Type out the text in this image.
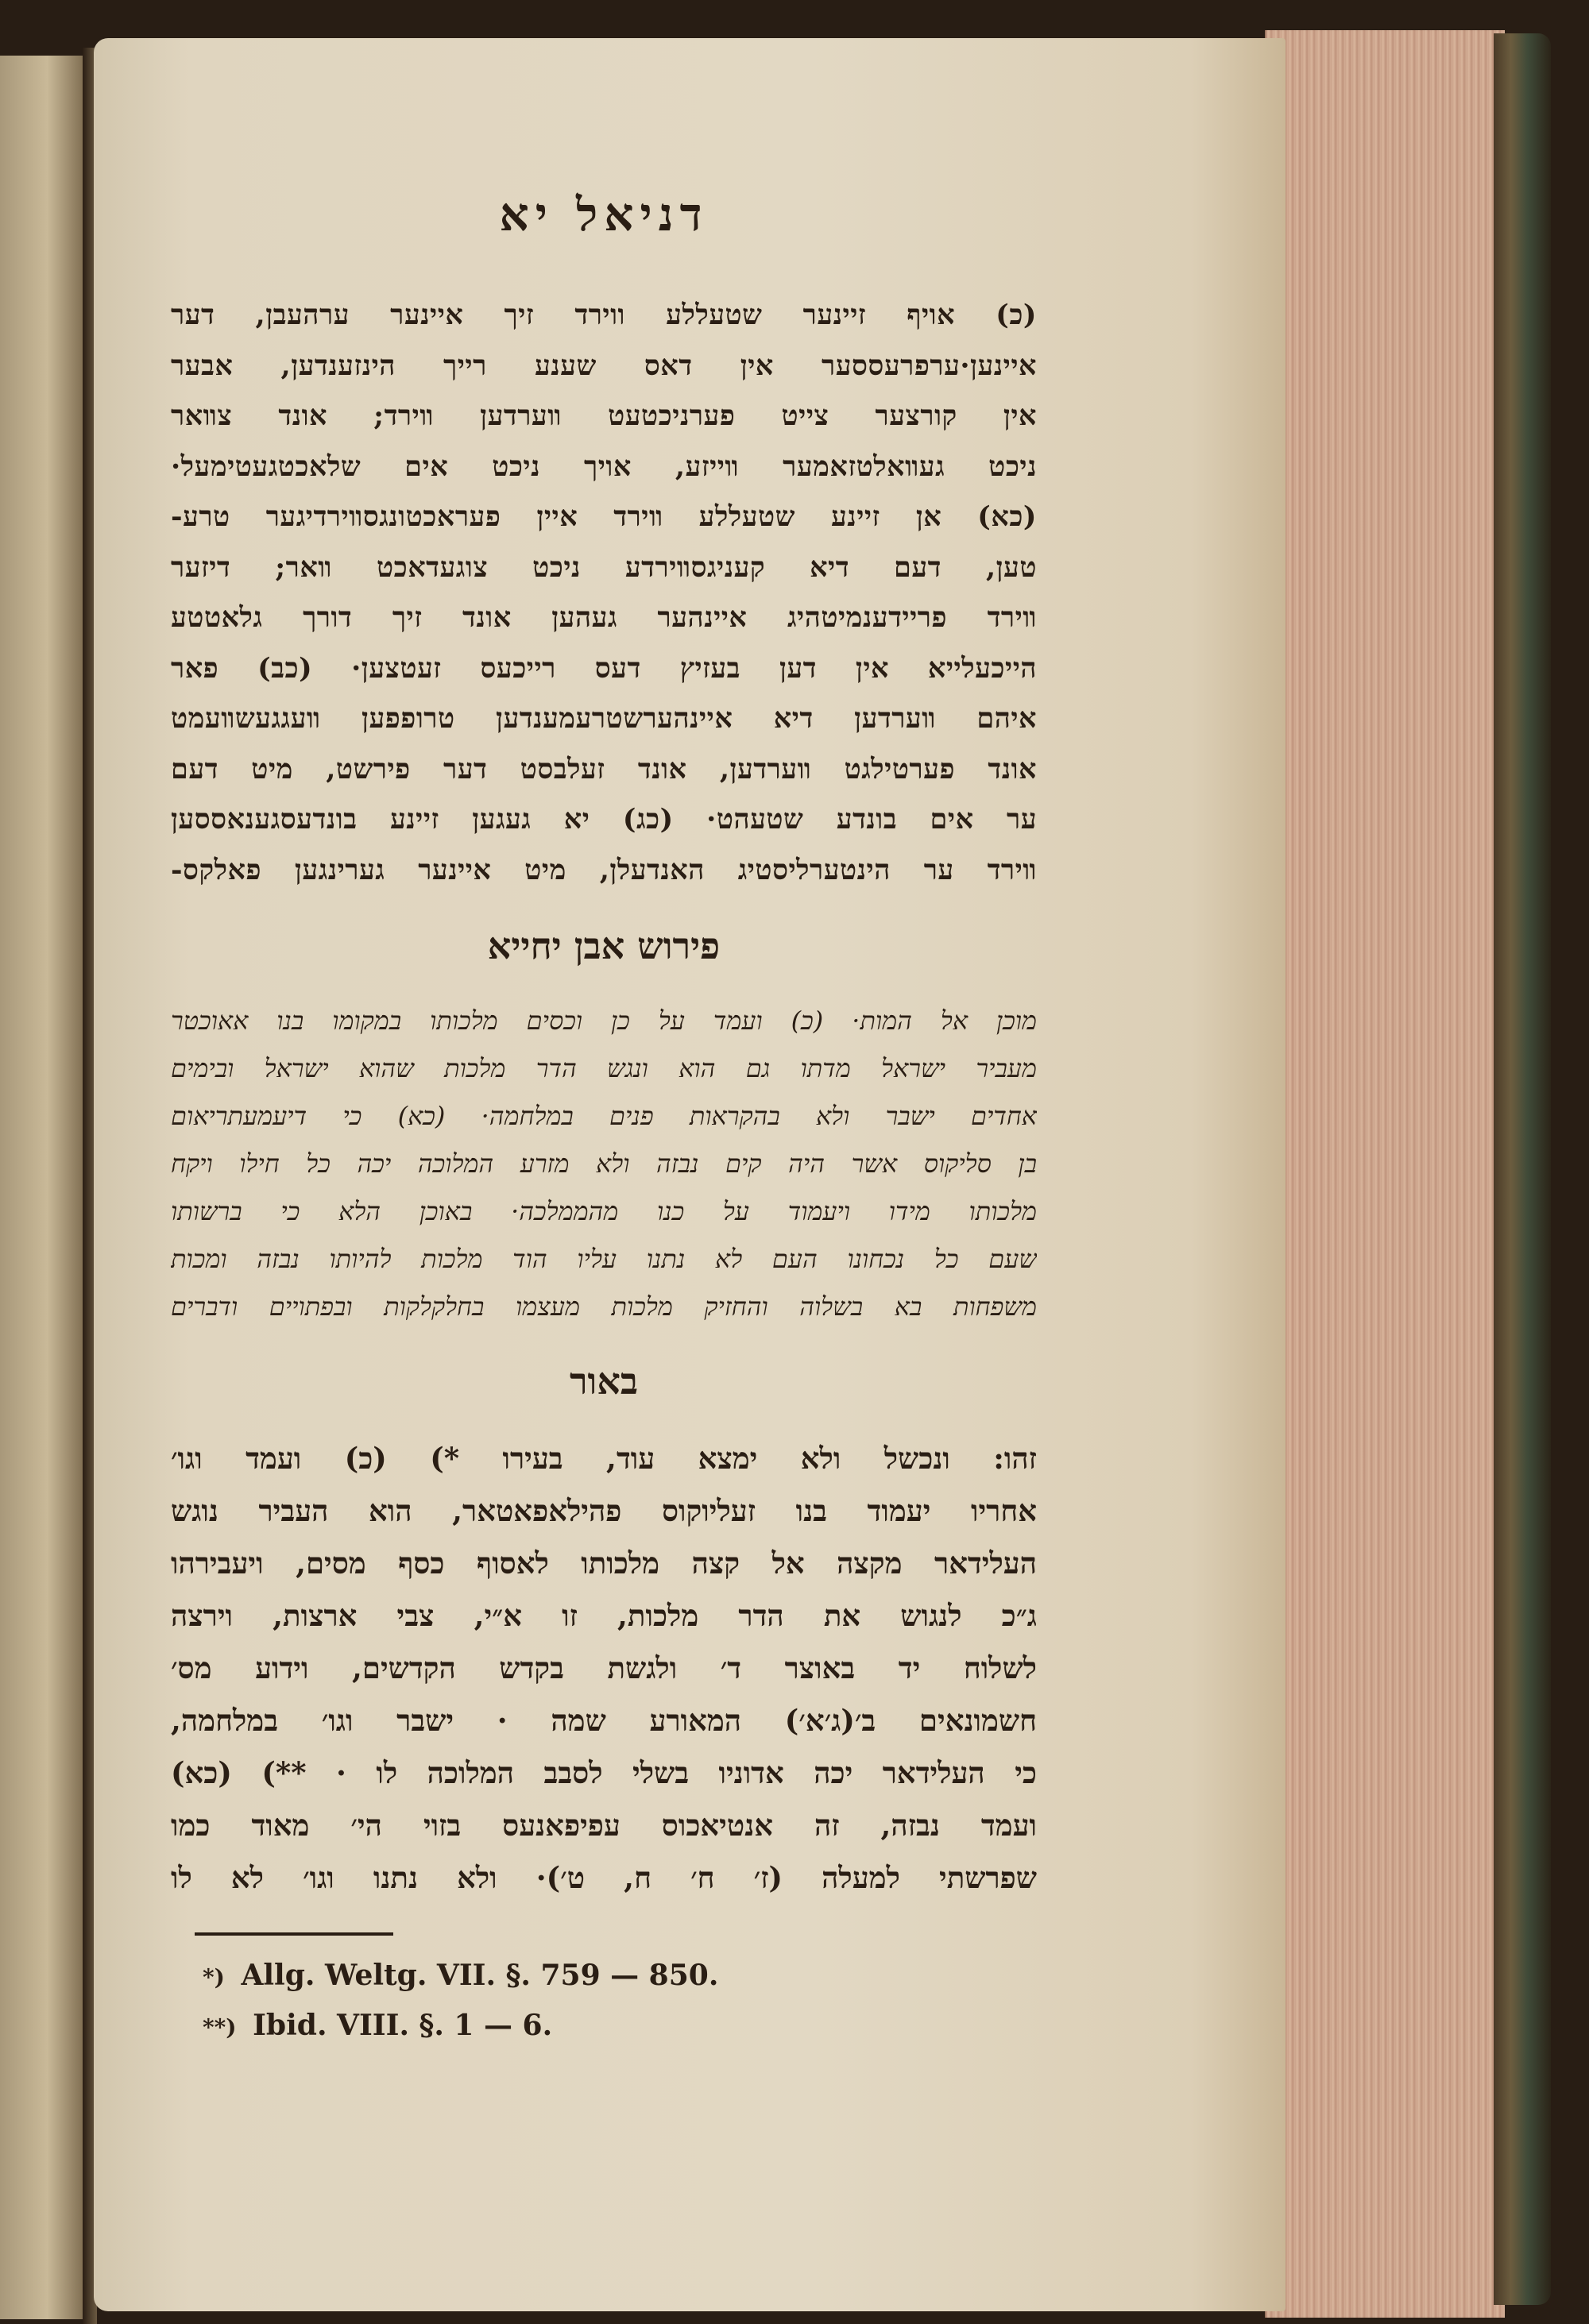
דניאל יא

(כ) אויף זיינער שטעללע ווירד זיך איינער ערהעבן, דער

איינען·ערפרעססער אין דאס שענע רייך הינזענדען, אבער

אין קורצער צייט פערניכטעט װערדען װירד; אונד צװאר

ניכט געװאלטזאמער װייזע, אויך ניכט אים שלאכטגעטימעל·

(כא) אן זיינע שטעללע װירד איין פעראכטונגסװירדיגער טרע-

טען, דעם דיא קעניגסװירדע ניכט צוגעדאכט װאר; דיזער

װירד פריידענמיטהיג איינהער געהען אונד זיך דורך גלאטטע

הייכעלייא אין דען בעזיץ דעס רייכעס זעטצען· (כב) פאר

איהם װערדען דיא איינהערשטרעמענדען טרופפען װעגגעשװעמט

אונד פערטילגט װערדען, אונד זעלבסט דער פירשט, מיט דעם

ער אים בונדע שטעהט· (כג) יא געגען זיינע בונדעסגענאססען

װירד ער הינטערליסטיג האנדעלן, מיט איינער גערינגען פאלקס-

פירוש אבן יחייא

מוכן אל המות· (כ) ועמד על כן וכסים מלכותו במקומו בנו אאוכטר

מעביר ישראל מדתו גם הוא ונגש הדר מלכות שהוא ישראל ובימים

אחדים ישבר ולא בהקראות פנים במלחמה· (כא) כי דיעמעתריאום

בן סליקוס אשר היה קים נבזה ולא מזרע המלוכה יכה כל חילו ויקח

מלכותו מידו ויעמוד על כנו מהממלכה· באוכן הלא כי ברשותו

שעם כל נכחונו העם לא נתנו עליו הוד מלכות להיותו נבזה ומכות

משפחות בא בשלוה והחזיק מלכות מעצמו בחלקלקות ובפתויים ודברים

באור

זהו: ונכשל ולא ימצא עוד, בעירו *) (כ) ועמד וגו׳

אחריו יעמוד בנו זעליוקוס פהילאפאטאר, הוא העביר נוגש

העלידאר מקצה אל קצה מלכותו לאסוף כסף מסים, ויעבירהו

ג״כ לנגוש את הדר מלכות, זו א״י, צבי ארצות, וירצה

לשלוח יד באוצר ד׳ ולגשת בקדש הקדשים, וידוע מס׳

חשמונאים ב׳(ג׳א׳) המאורע שמה · ישבר וגו׳ במלחמה,

כי העלידאר יכה אדוניו בשלי לסבב המלוכה לו · **) (כא)

ועמד נבזה, זה אנטיאכוס עפיפאנעס בזוי הי׳ מאוד כמו

שפרשתי למעלה (ז׳ ח׳ ח, ט׳)· ולא נתנו וגו׳ לא לו

*) Allg. Weltg. VII. §. 759 — 850.

**) Ibid. VIII. §. 1 — 6.
